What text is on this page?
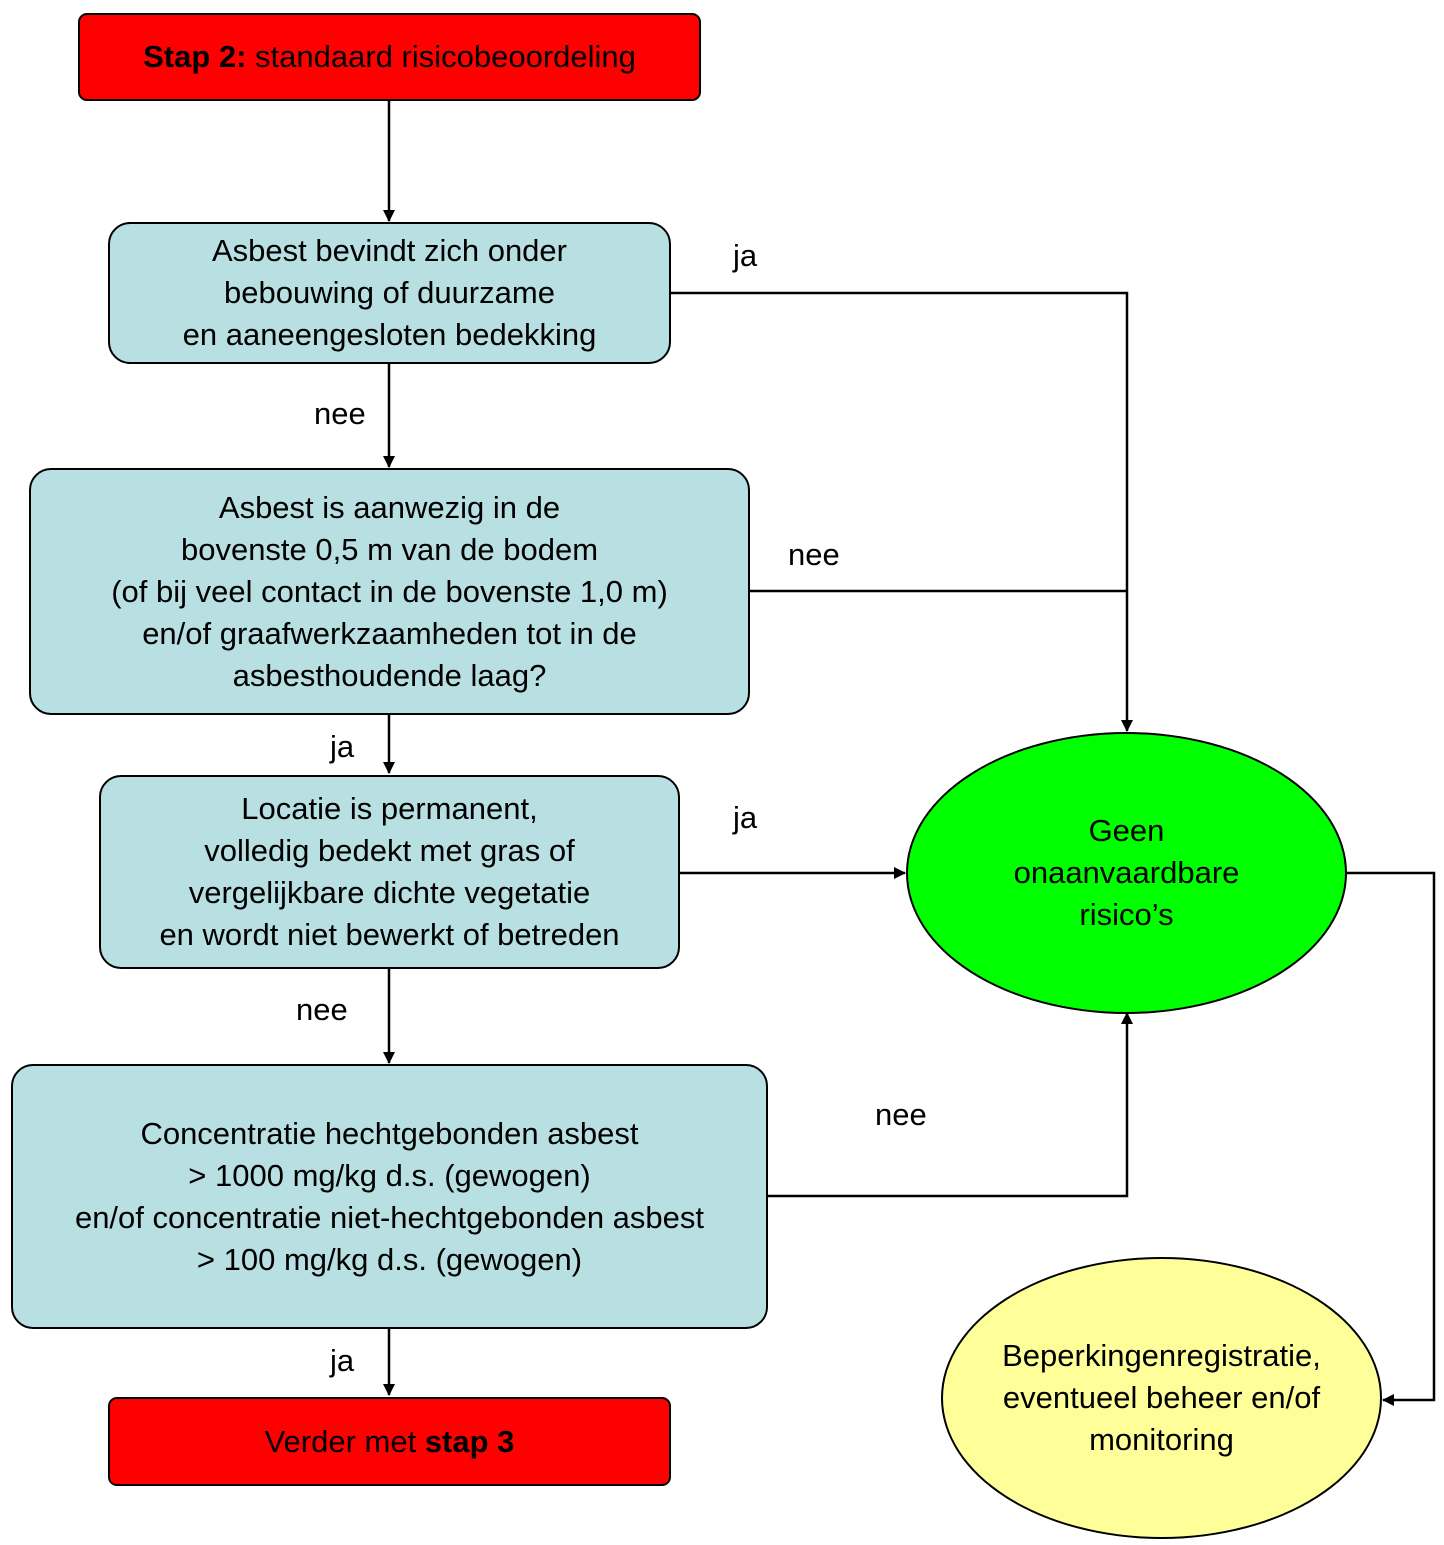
Stap 2: standaard risicobeoordeling
Asbest bevindt zich onder
bebouwing of duurzame
en aaneengesloten bedekking
Asbest is aanwezig in de
bovenste 0,5 m van de bodem
(of bij veel contact in de bovenste 1,0 m)
en/of graafwerkzaamheden tot in de
asbesthoudende laag?
Locatie is permanent,
volledig bedekt met gras of
vergelijkbare dichte vegetatie
en wordt niet bewerkt of betreden
Concentratie hechtgebonden asbest
> 1000 mg/kg d.s. (gewogen)
en/of concentratie niet-hechtgebonden asbest
> 100 mg/kg d.s. (gewogen)
Verder met stap 3
Geen
onaanvaardbare
risico’s
Beperkingenregistratie,
eventueel beheer en/of
monitoring
ja
nee
nee
ja
ja
nee
nee
ja
